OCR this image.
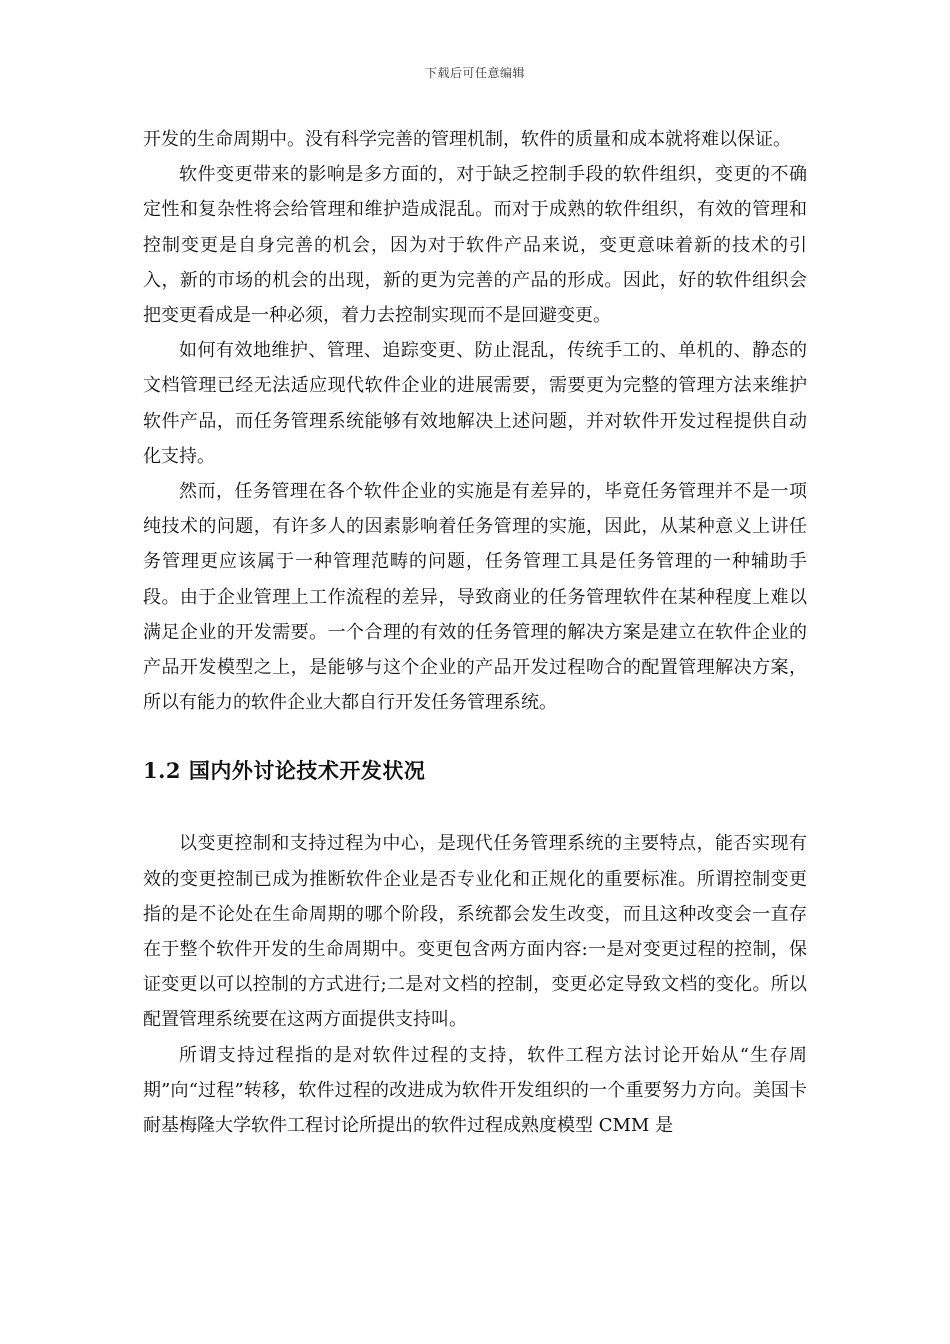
下载后可任意编辑

开发的生命周期中。没有科学完善的管理机制，软件的质量和成本就将难以保证。

软件变更带来的影响是多方面的，对于缺乏控制手段的软件组织，变更的不确定性和复杂性将会给管理和维护造成混乱。而对于成熟的软件组织，有效的管理和控制变更是自身完善的机会，因为对于软件产品来说，变更意味着新的技术的引入，新的市场的机会的出现，新的更为完善的产品的形成。因此，好的软件组织会把变更看成是一种必须，着力去控制实现而不是回避变更。

如何有效地维护、管理、追踪变更、防止混乱，传统手工的、单机的、静态的文档管理已经无法适应现代软件企业的进展需要，需要更为完整的管理方法来维护软件产品，而任务管理系统能够有效地解决上述问题，并对软件开发过程提供自动化支持。

然而，任务管理在各个软件企业的实施是有差异的，毕竟任务管理并不是一项纯技术的问题，有许多人的因素影响着任务管理的实施，因此，从某种意义上讲任务管理更应该属于一种管理范畴的问题，任务管理工具是任务管理的一种辅助手段。由于企业管理上工作流程的差异，导致商业的任务管理软件在某种程度上难以满足企业的开发需要。一个合理的有效的任务管理的解决方案是建立在软件企业的产品开发模型之上，是能够与这个企业的产品开发过程吻合的配置管理解决方案，所以有能力的软件企业大都自行开发任务管理系统。

1.2 国内外讨论技术开发状况

以变更控制和支持过程为中心，是现代任务管理系统的主要特点，能否实现有效的变更控制已成为推断软件企业是否专业化和正规化的重要标准。所谓控制变更指的是不论处在生命周期的哪个阶段，系统都会发生改变，而且这种改变会一直存在于整个软件开发的生命周期中。变更包含两方面内容:一是对变更过程的控制，保证变更以可以控制的方式进行;二是对文档的控制，变更必定导致文档的变化。所以配置管理系统要在这两方面提供支持叫。

所谓支持过程指的是对软件过程的支持，软件工程方法讨论开始从“生存周期”向“过程”转移，软件过程的改进成为软件开发组织的一个重要努力方向。美国卡耐基梅隆大学软件工程讨论所提出的软件过程成熟度模型 CMM 是
